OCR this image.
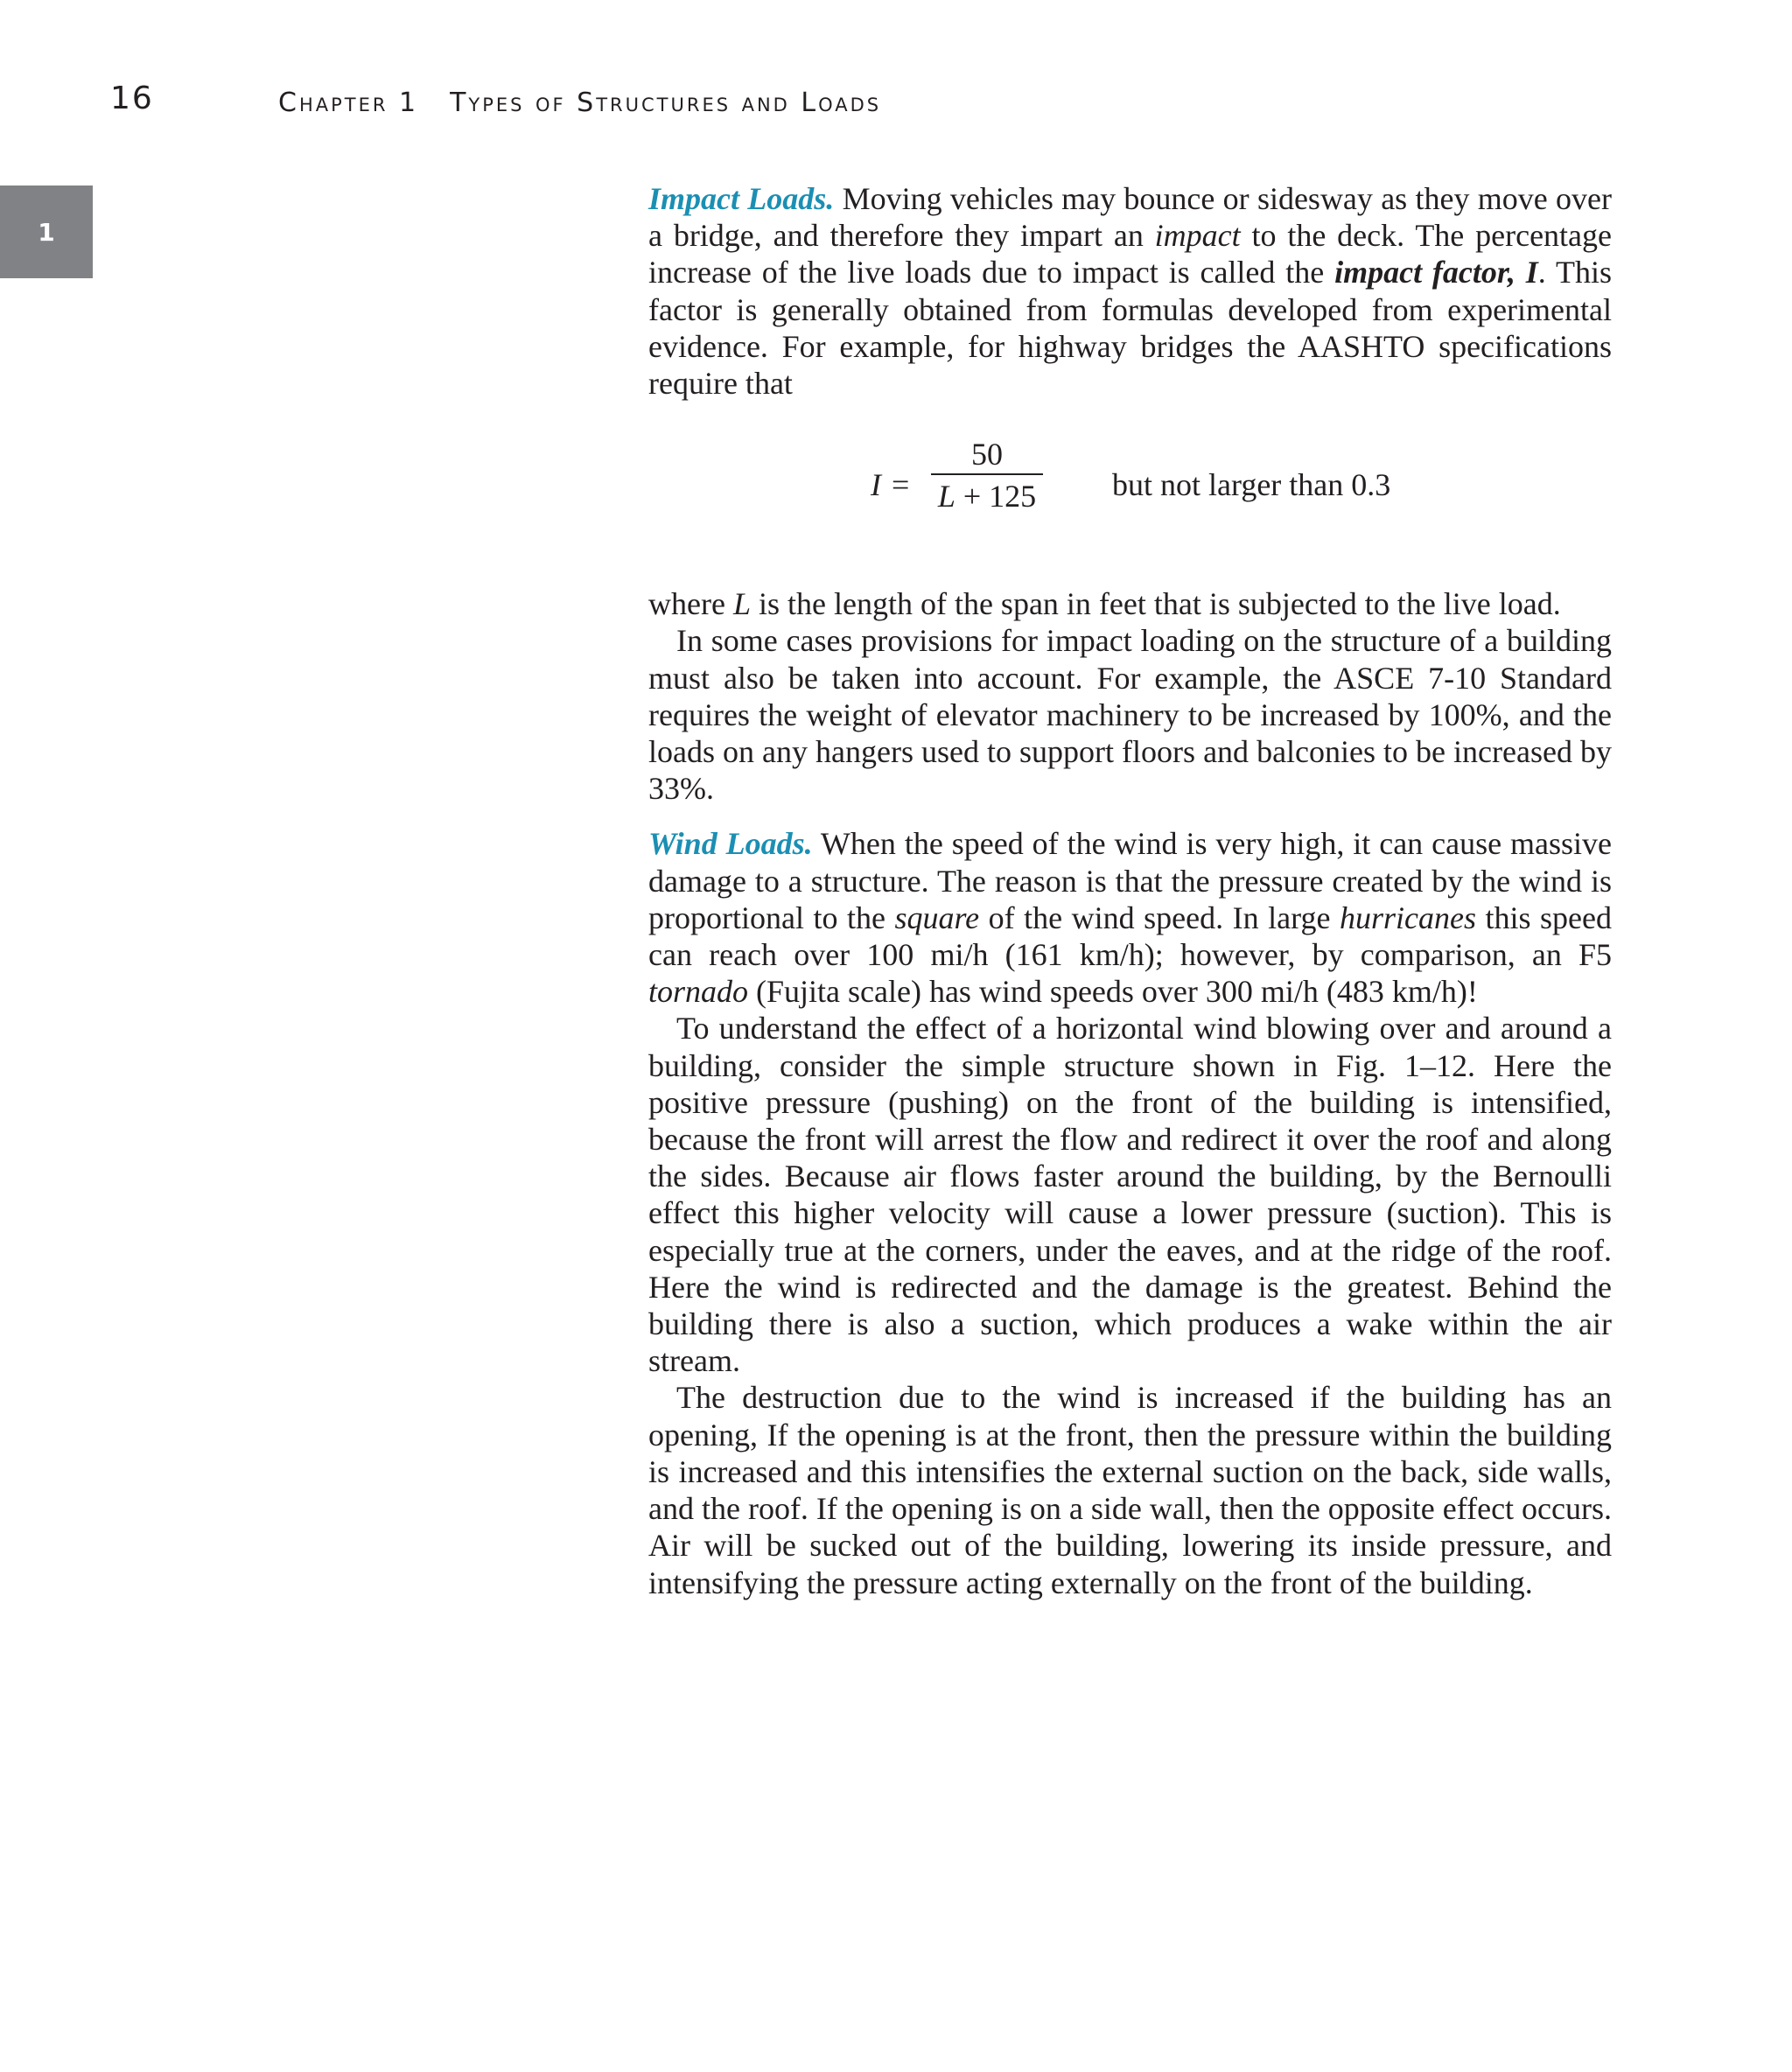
16	Chapter 1 Types of Structures and Loads
1

Impact Loads. Moving vehicles may bounce or sidesway as they move over a bridge, and therefore they impart an impact to the deck. The percentage increase of the live loads due to impact is called the impact factor, I. This factor is generally obtained from formulas developed from experimental evidence. For example, for highway bridges the AASHTO specifications require that

I =
50
L + 125 but not larger than 0.3

where L is the length of the span in feet that is subjected to the live load.

In some cases provisions for impact loading on the structure of a building must also be taken into account. For example, the ASCE 7-10 Standard requires the weight of elevator machinery to be increased by 100%, and the loads on any hangers used to support floors and balconies to be increased by 33%.

Wind Loads. When the speed of the wind is very high, it can cause massive damage to a structure. The reason is that the pressure created by the wind is proportional to the square of the wind speed. In large hurricanes this speed can reach over 100 mi/h (161 km/h); however, by comparison, an F5 tornado (Fujita scale) has wind speeds over 300 mi/h (483 km/h)!

To understand the effect of a horizontal wind blowing over and around a building, consider the simple structure shown in Fig. 1–12. Here the positive pressure (pushing) on the front of the building is intensified, because the front will arrest the flow and redirect it over the roof and along the sides. Because air flows faster around the building, by the Bernoulli effect this higher velocity will cause a lower pressure (suction). This is especially true at the corners, under the eaves, and at the ridge of the roof. Here the wind is redirected and the damage is the greatest. Behind the building there is also a suction, which produces a wake within the air stream.

The destruction due to the wind is increased if the building has an opening, If the opening is at the front, then the pressure within the building is increased and this intensifies the external suction on the back, side walls, and the roof. If the opening is on a side wall, then the opposite effect occurs. Air will be sucked out of the building, lowering its inside pressure, and intensifying the pressure acting externally on the front of the building.
